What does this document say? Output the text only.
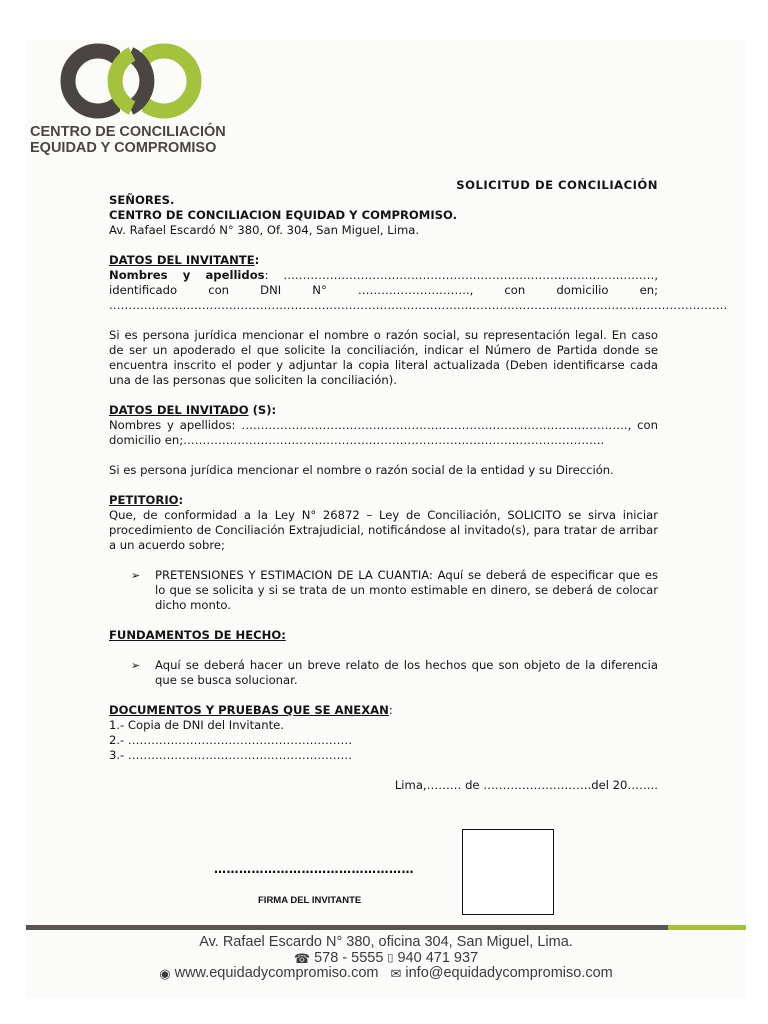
CENTRO DE CONCILIACIÓN
EQUIDAD Y COMPROMISO

SOLICITUD DE CONCILIACIÓN

SEÑORES.

CENTRO DE CONCILIACION EQUIDAD Y COMPROMISO.

Av. Rafael Escardó N° 380, Of. 304, San Miguel, Lima.

DATOS DEL INVITANTE:

Nombres y apellidos: ……………………………………………………………………………………,

identificado con DNI N° ……………………….., con domicilio en;

…………………………………………………………………………………………………………………………………………….

Si es persona jurídica mencionar el nombre o razón social, su representación legal. En caso de ser un apoderado el que solicite la conciliación, indicar el Número de Partida donde se encuentra inscrito el poder y adjuntar la copia literal actualizada (Deben identificarse cada una de las personas que soliciten la conciliación).

DATOS DEL INVITADO (S):

Nombres y apellidos: ………………………………………………………………………………………., con

domicilio en;……………………………………………………………………………………………….

Si es persona jurídica mencionar el nombre o razón social de la entidad y su Dirección.

PETITORIO:

Que, de conformidad a la Ley N° 26872 – Ley de Conciliación, SOLICITO se sirva iniciar procedimiento de Conciliación Extrajudicial, notificándose al invitado(s), para tratar de arribar a un acuerdo sobre;

➢	PRETENSIONES Y ESTIMACION DE LA CUANTIA: Aquí se deberá de especificar que es lo que se solicita y si se trata de un monto estimable en dinero, se deberá de colocar dicho monto.

FUNDAMENTOS DE HECHO:

➢	Aquí se deberá hacer un breve relato de los hechos que son objeto de la diferencia que se busca solucionar.

DOCUMENTOS Y PRUEBAS QUE SE ANEXAN:

1.- Copia de DNI del Invitante.

2.- ………………………………………………….

3.- ………………………………………………….

Lima,……… de ……………………….del 20……..

…………………………………………
FIRMA DEL INVITANTE
Av. Rafael Escardo N° 380, oficina 304, San Miguel, Lima.
☎ 578 - 5555 ▯ 940 471 937
◉ www.equidadycompromiso.com ✉ info@equidadycompromiso.com
